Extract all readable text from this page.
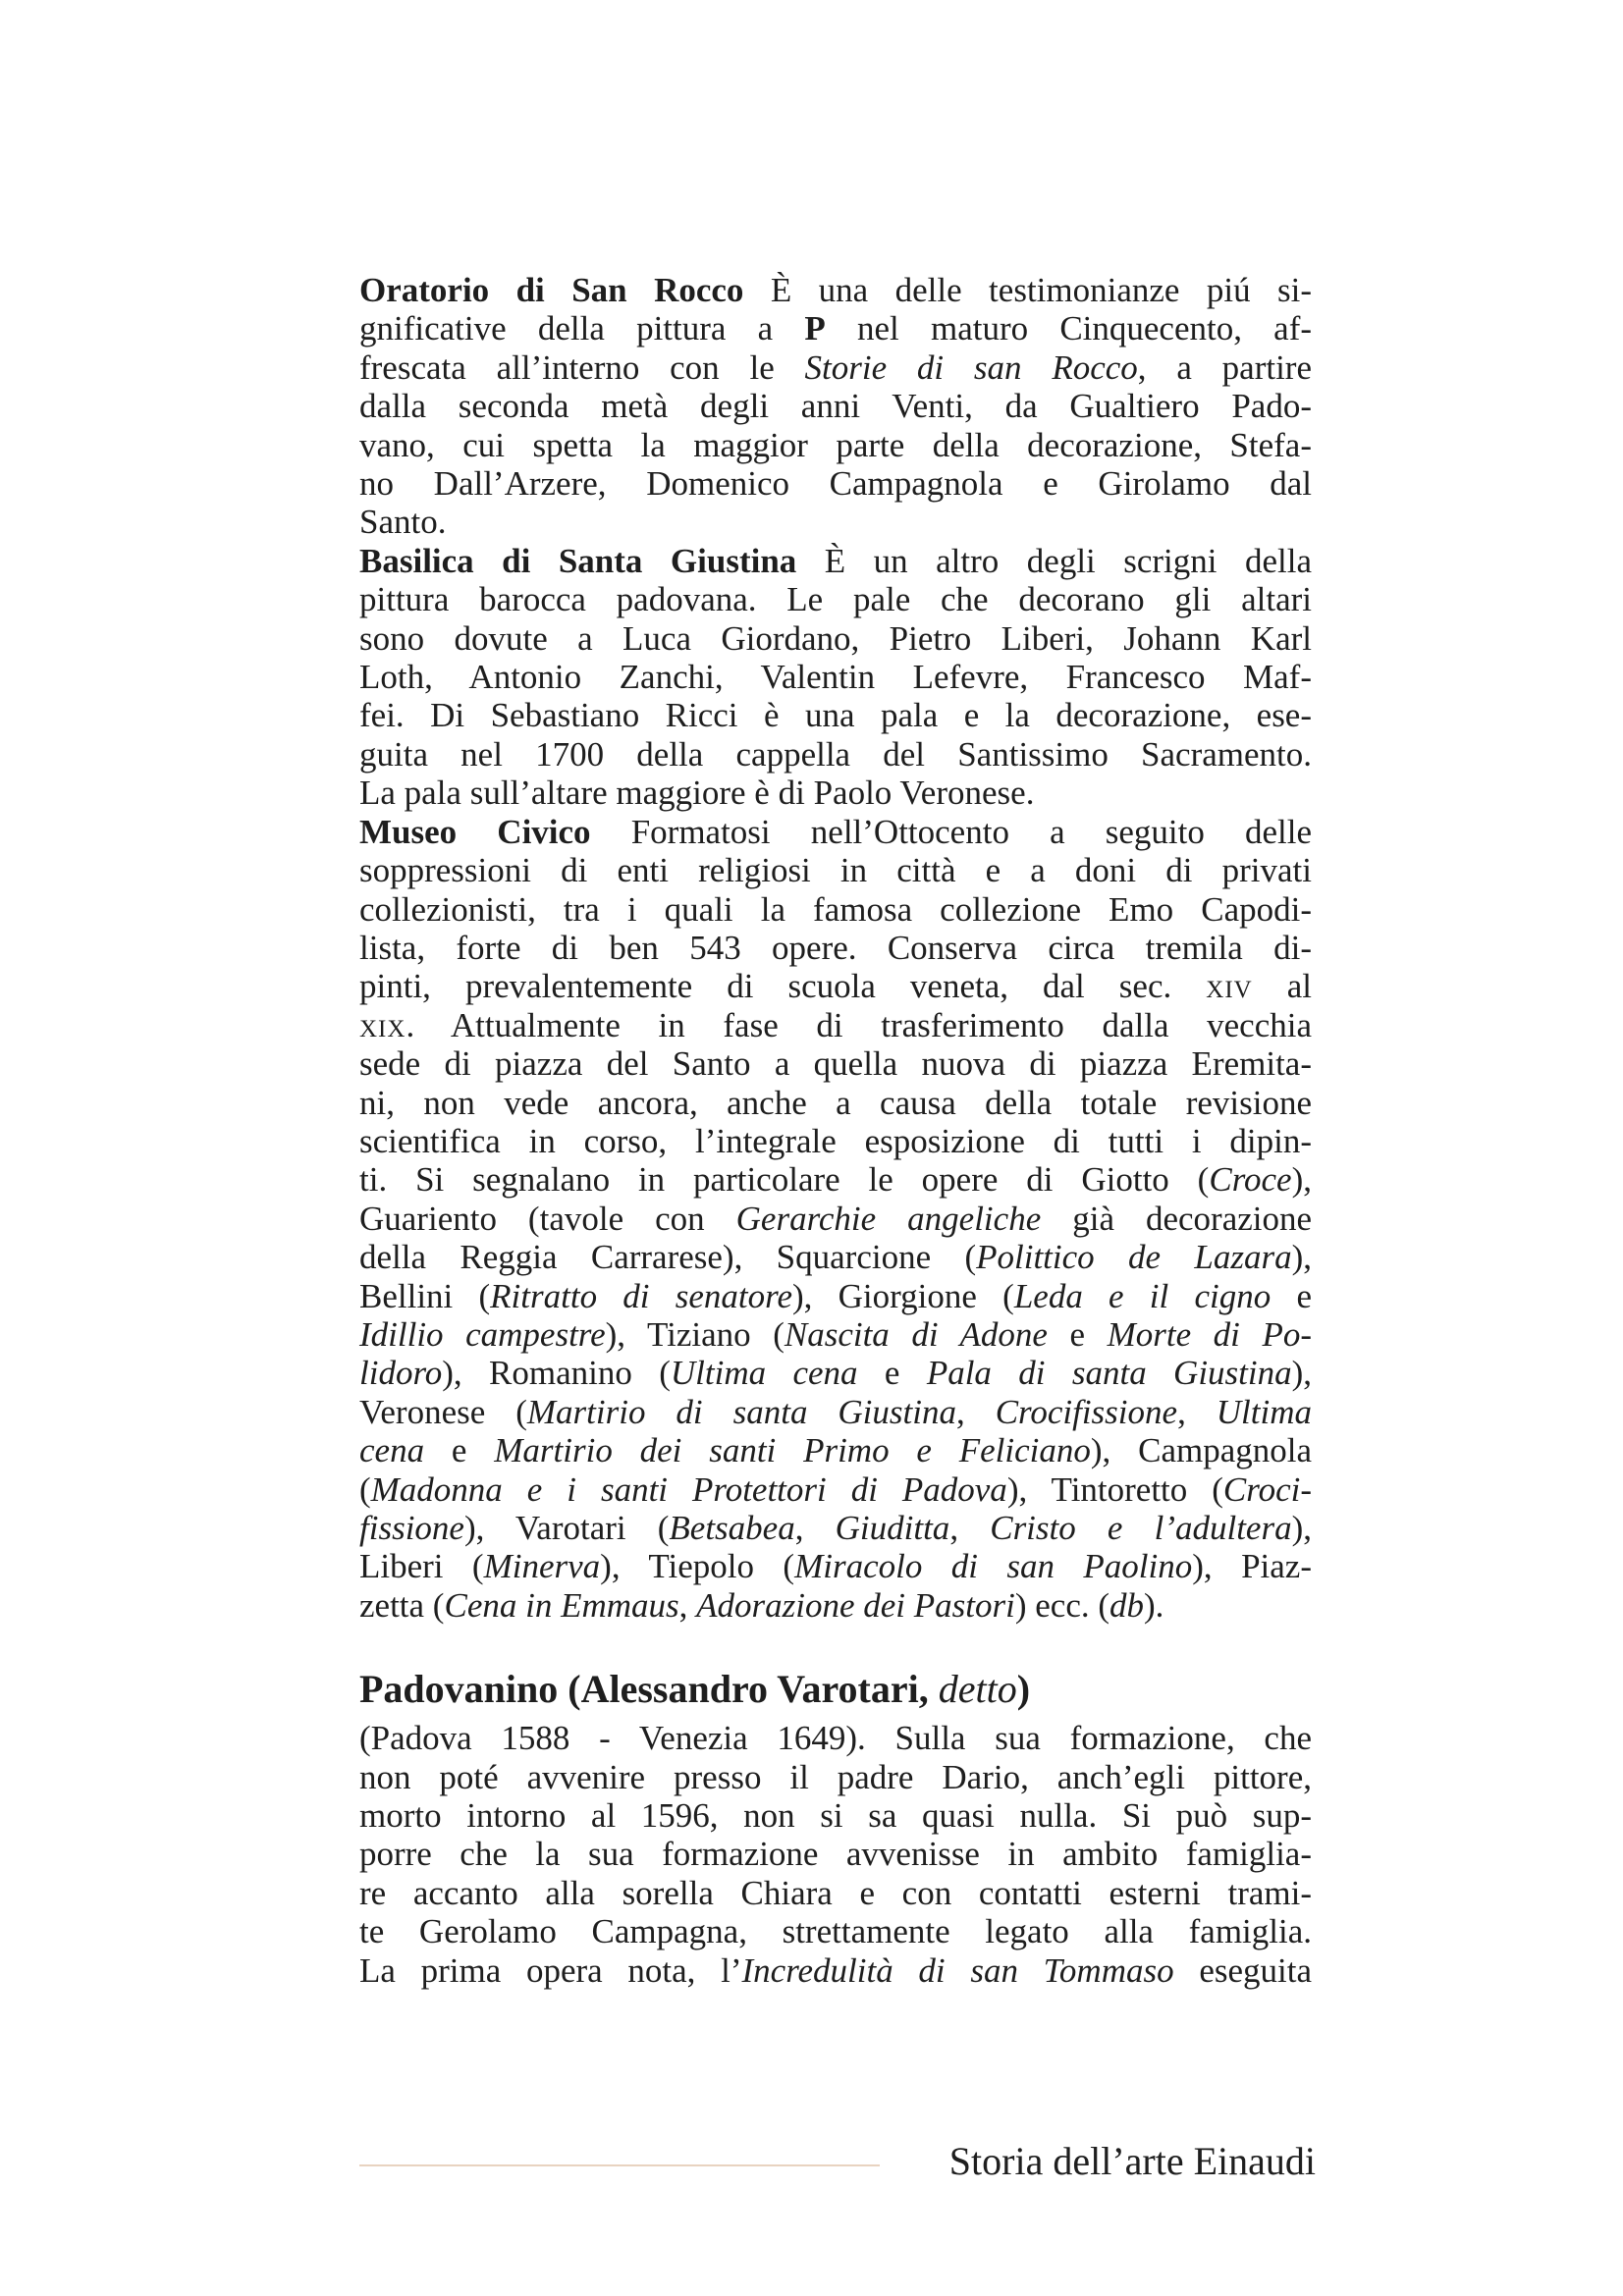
Oratorio di San Rocco È una delle testimonianze piú si-
gnificative della pittura a P nel maturo Cinquecento, af-
frescata all’interno con le Storie di san Rocco, a partire
dalla seconda metà degli anni Venti, da Gualtiero Pado-
vano, cui spetta la maggior parte della decorazione, Stefa-
no Dall’Arzere, Domenico Campagnola e Girolamo dal
Santo.
Basilica di Santa Giustina È un altro degli scrigni della
pittura barocca padovana. Le pale che decorano gli altari
sono dovute a Luca Giordano, Pietro Liberi, Johann Karl
Loth, Antonio Zanchi, Valentin Lefevre, Francesco Maf-
fei. Di Sebastiano Ricci è una pala e la decorazione, ese-
guita nel 1700 della cappella del Santissimo Sacramento.
La pala sull’altare maggiore è di Paolo Veronese.
Museo Civico Formatosi nell’Ottocento a seguito delle
soppressioni di enti religiosi in città e a doni di privati
collezionisti, tra i quali la famosa collezione Emo Capodi-
lista, forte di ben 543 opere. Conserva circa tremila di-
pinti, prevalentemente di scuola veneta, dal sec. xiv al
xix. Attualmente in fase di trasferimento dalla vecchia
sede di piazza del Santo a quella nuova di piazza Eremita-
ni, non vede ancora, anche a causa della totale revisione
scientifica in corso, l’integrale esposizione di tutti i dipin-
ti. Si segnalano in particolare le opere di Giotto (Croce),
Guariento (tavole con Gerarchie angeliche già decorazione
della Reggia Carrarese), Squarcione (Polittico de Lazara),
Bellini (Ritratto di senatore), Giorgione (Leda e il cigno e
Idillio campestre), Tiziano (Nascita di Adone e Morte di Po-
lidoro), Romanino (Ultima cena e Pala di santa Giustina),
Veronese (Martirio di santa Giustina, Crocifissione, Ultima
cena e Martirio dei santi Primo e Feliciano), Campagnola
(Madonna e i santi Protettori di Padova), Tintoretto (Croci-
fissione), Varotari (Betsabea, Giuditta, Cristo e l’adultera),
Liberi (Minerva), Tiepolo (Miracolo di san Paolino), Piaz-
zetta (Cena in Emmaus, Adorazione dei Pastori) ecc. (db).
Padovanino (Alessandro Varotari, detto)
(Padova 1588 - Venezia 1649). Sulla sua formazione, che
non poté avvenire presso il padre Dario, anch’egli pittore,
morto intorno al 1596, non si sa quasi nulla. Si può sup-
porre che la sua formazione avvenisse in ambito famiglia-
re accanto alla sorella Chiara e con contatti esterni trami-
te Gerolamo Campagna, strettamente legato alla famiglia.
La prima opera nota, l’Incredulità di san Tommaso eseguita
Storia dell’arte Einaudi
